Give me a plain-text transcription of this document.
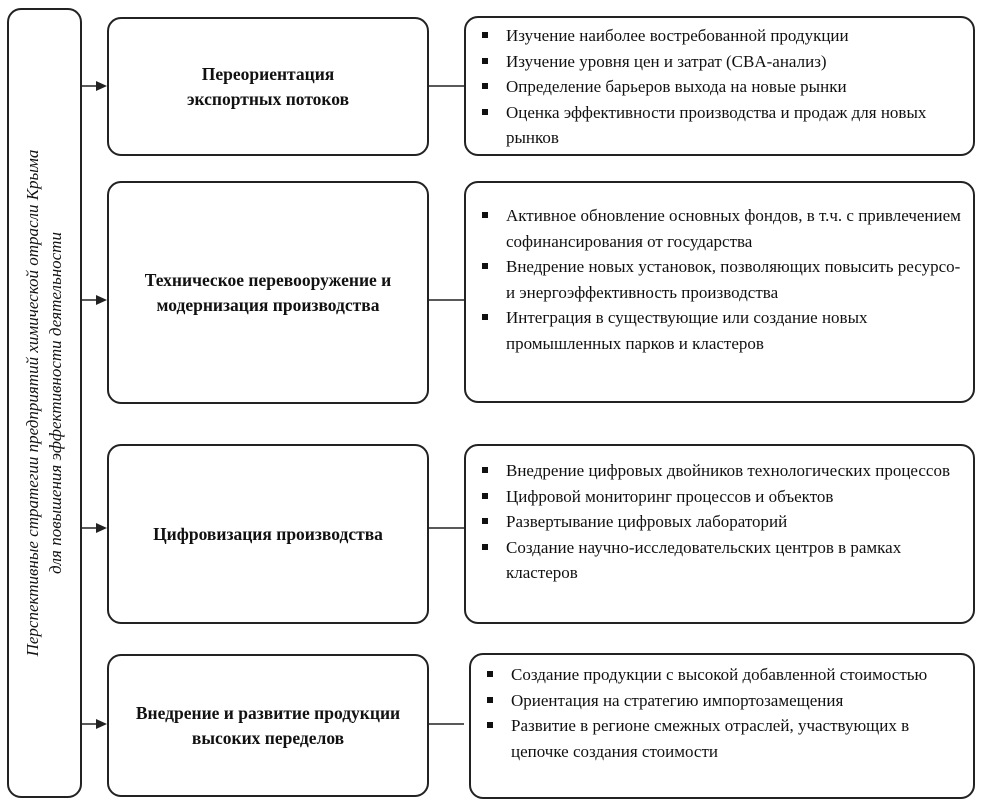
Перспективные стратегии предприятий химической отрасли Крыма для повышения эффективности деятельности
Переориентация экспортных потоков
Изучение наиболее востребованной продукции
Изучение уровня цен и затрат (CBA-анализ)
Определение барьеров выхода на новые рынки
Оценка эффективности производства и продаж для новых рынков
Техническое перевооружение и модернизация производства
Активное обновление основных фондов, в т.ч. с привлечением софинансирования от государства
Внедрение новых установок, позволяющих повысить ресурсо- и энергоэффективность производства
Интеграция в существующие или создание новых промышленных парков и кластеров
Цифровизация производства
Внедрение цифровых двойников технологических процессов
Цифровой мониторинг процессов и объектов
Развертывание цифровых лабораторий
Создание научно-исследовательских центров в рамках кластеров
Внедрение и развитие продукции высоких переделов
Создание продукции с высокой добавленной стоимостью
Ориентация на стратегию импортозамещения
Развитие в регионе смежных отраслей, участвующих в цепочке создания стоимости
